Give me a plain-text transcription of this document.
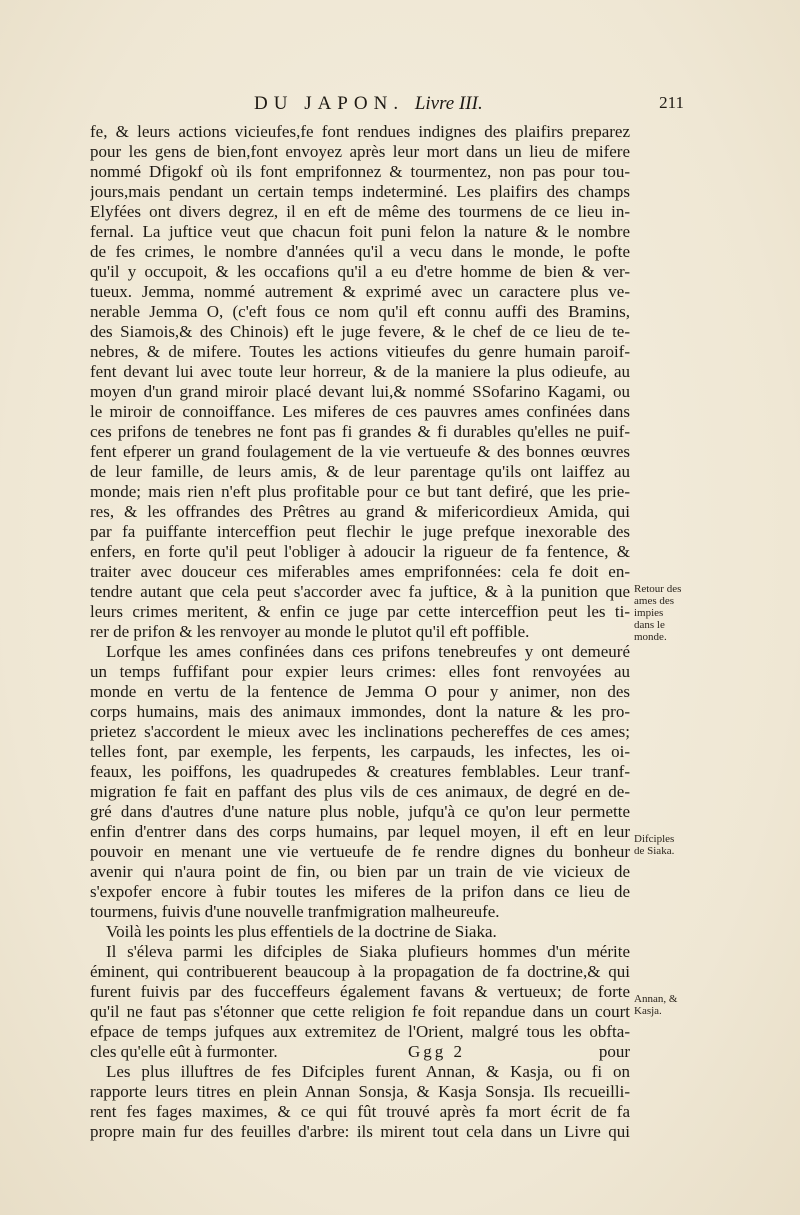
DU JAPON. Livre III.	211
fe, & leurs actions vicieufes,fe font rendues indignes des plaifirs preparez
pour les gens de bien,font envoyez après leur mort dans un lieu de mifere
nommé Dfigokf où ils font emprifonnez & tourmentez, non pas pour tou-
jours,mais pendant un certain temps indeterminé. Les plaifirs des champs
Elyfées ont divers degrez, il en eft de même des tourmens de ce lieu in-
fernal. La juftice veut que chacun foit puni felon la nature & le nombre
de fes crimes, le nombre d'années qu'il a vecu dans le monde, le pofte
qu'il y occupoit, & les occafions qu'il a eu d'etre homme de bien & ver-
tueux. Jemma, nommé autrement & exprimé avec un caractere plus ve-
nerable Jemma O, (c'eft fous ce nom qu'il eft connu auffi des Bramins,
des Siamois,& des Chinois) eft le juge fevere, & le chef de ce lieu de te-
nebres, & de mifere. Toutes les actions vitieufes du genre humain paroif-
fent devant lui avec toute leur horreur, & de la maniere la plus odieufe, au
moyen d'un grand miroir placé devant lui,& nommé SSofarino Kagami, ou
le miroir de connoiffance. Les miferes de ces pauvres ames confinées dans
ces prifons de tenebres ne font pas fi grandes & fi durables qu'elles ne puif-
fent efperer un grand foulagement de la vie vertueufe & des bonnes œuvres
de leur famille, de leurs amis, & de leur parentage qu'ils ont laiffez au
monde; mais rien n'eft plus profitable pour ce but tant defiré, que les prie-
res, & les offrandes des Prêtres au grand & mifericordieux Amida, qui
par fa puiffante interceffion peut flechir le juge prefque inexorable des
enfers, en forte qu'il peut l'obliger à adoucir la rigueur de fa fentence, &
traiter avec douceur ces miferables ames emprifonnées: cela fe doit en-
tendre autant que cela peut s'accorder avec fa juftice, & à la punition que
leurs crimes meritent, & enfin ce juge par cette interceffion peut les ti-
rer de prifon & les renvoyer au monde le plutot qu'il eft poffible.
Lorfque les ames confinées dans ces prifons tenebreufes y ont demeuré
un temps fuffifant pour expier leurs crimes: elles font renvoyées au
monde en vertu de la fentence de Jemma O pour y animer, non des
corps humains, mais des animaux immondes, dont la nature & les pro-
prietez s'accordent le mieux avec les inclinations pechereffes de ces ames;
telles font, par exemple, les ferpents, les carpauds, les infectes, les oi-
feaux, les poiffons, les quadrupedes & creatures femblables. Leur tranf-
migration fe fait en paffant des plus vils de ces animaux, de degré en de-
gré dans d'autres d'une nature plus noble, jufqu'à ce qu'on leur permette
enfin d'entrer dans des corps humains, par lequel moyen, il eft en leur
pouvoir en menant une vie vertueufe de fe rendre dignes du bonheur
avenir qui n'aura point de fin, ou bien par un train de vie vicieux de
s'expofer encore à fubir toutes les miferes de la prifon dans ce lieu de
tourmens, fuivis d'une nouvelle tranfmigration malheureufe.
Voilà les points les plus effentiels de la doctrine de Siaka.
Il s'éleva parmi les difciples de Siaka plufieurs hommes d'un mérite
éminent, qui contribuerent beaucoup à la propagation de fa doctrine,& qui
furent fuivis par des fucceffeurs également favans & vertueux; de forte
qu'il ne faut pas s'étonner que cette religion fe foit repandue dans un court
efpace de temps jufques aux extremitez de l'Orient, malgré tous les obfta-
cles qu'elle eût à furmonter.
Les plus illuftres de fes Difciples furent Annan, & Kasja, ou fi on
rapporte leurs titres en plein Annan Sonsja, & Kasja Sonsja. Ils recueilli-
rent fes fages maximes, & ce qui fût trouvé après fa mort écrit de fa
propre main fur des feuilles d'arbre: ils mirent tout cela dans un Livre qui
Retour des
ames des
impies
dans le
monde.
Difciples
de Siaka.
Annan, &
Kasja.
Ggg 2	pour
